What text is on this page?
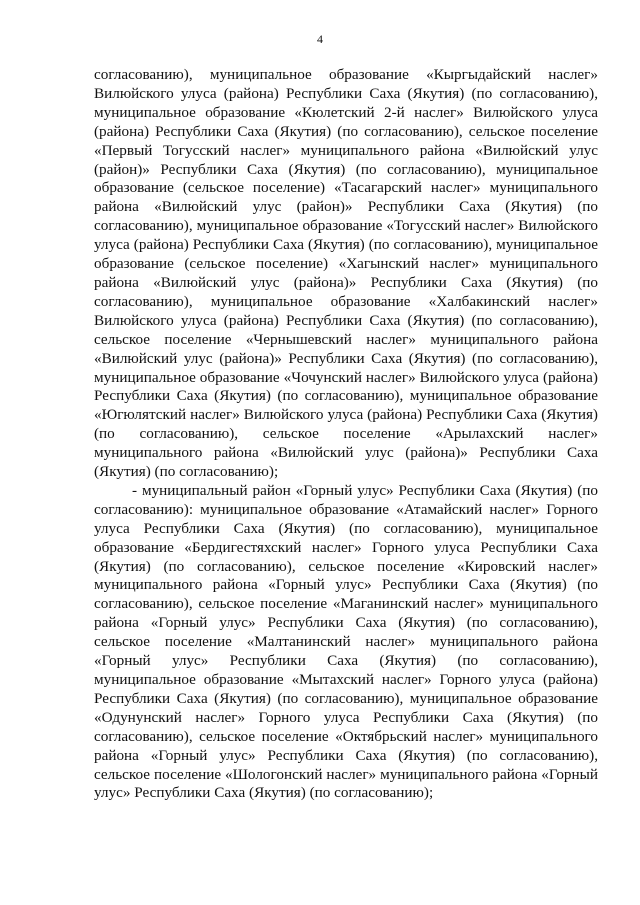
4

согласованию), муниципальное образование «Кыргыдайский наслег» Вилюйского улуса (района) Республики Саха (Якутия) (по согласованию), муниципальное образование «Кюлетский 2-й наслег» Вилюйского улуса (района) Республики Саха (Якутия) (по согласованию), сельское поселение «Первый Тогусский наслег» муниципального района «Вилюйский улус (район)» Республики Саха (Якутия) (по согласованию), муниципальное образование (сельское поселение) «Тасагарский наслег» муниципального района «Вилюйский улус (район)» Республики Саха (Якутия) (по согласованию), муниципальное образование «Тогусский наслег» Вилюйского улуса (района) Республики Саха (Якутия) (по согласованию), муниципальное образование (сельское поселение) «Хагынский наслег» муниципального района «Вилюйский улус (района)» Республики Саха (Якутия) (по согласованию), муниципальное образование «Халбакинский наслег» Вилюйского улуса (района) Республики Саха (Якутия) (по согласованию), сельское поселение «Чернышевский наслег» муниципального района «Вилюйский улус (района)» Республики Саха (Якутия) (по согласованию), муниципальное образование «Чочунский наслег» Вилюйского улуса (района) Республики Саха (Якутия) (по согласованию), муниципальное образование «Югюлятский наслег» Вилюйского улуса (района) Республики Саха (Якутия) (по согласованию), сельское поселение «Арылахский наслег» муниципального района «Вилюйский улус (района)» Республики Саха (Якутия) (по согласованию);

- муниципальный район «Горный улус» Республики Саха (Якутия) (по согласованию): муниципальное образование «Атамайский наслег» Горного улуса Республики Саха (Якутия) (по согласованию), муниципальное образование «Бердигестяхский наслег» Горного улуса Республики Саха (Якутия) (по согласованию), сельское поселение «Кировский наслег» муниципального района «Горный улус» Республики Саха (Якутия) (по согласованию), сельское поселение «Маганинский наслег» муниципального района «Горный улус» Республики Саха (Якутия) (по согласованию), сельское поселение «Малтанинский наслег» муниципального района «Горный улус» Республики Саха (Якутия) (по согласованию), муниципальное образование «Мытахский наслег» Горного улуса (района) Республики Саха (Якутия) (по согласованию), муниципальное образование «Одунунский наслег» Горного улуса Республики Саха (Якутия) (по согласованию), сельское поселение «Октябрьский наслег» муниципального района «Горный улус» Республики Саха (Якутия) (по согласованию), сельское поселение «Шологонский наслег» муниципального района «Горный улус» Республики Саха (Якутия) (по согласованию);
